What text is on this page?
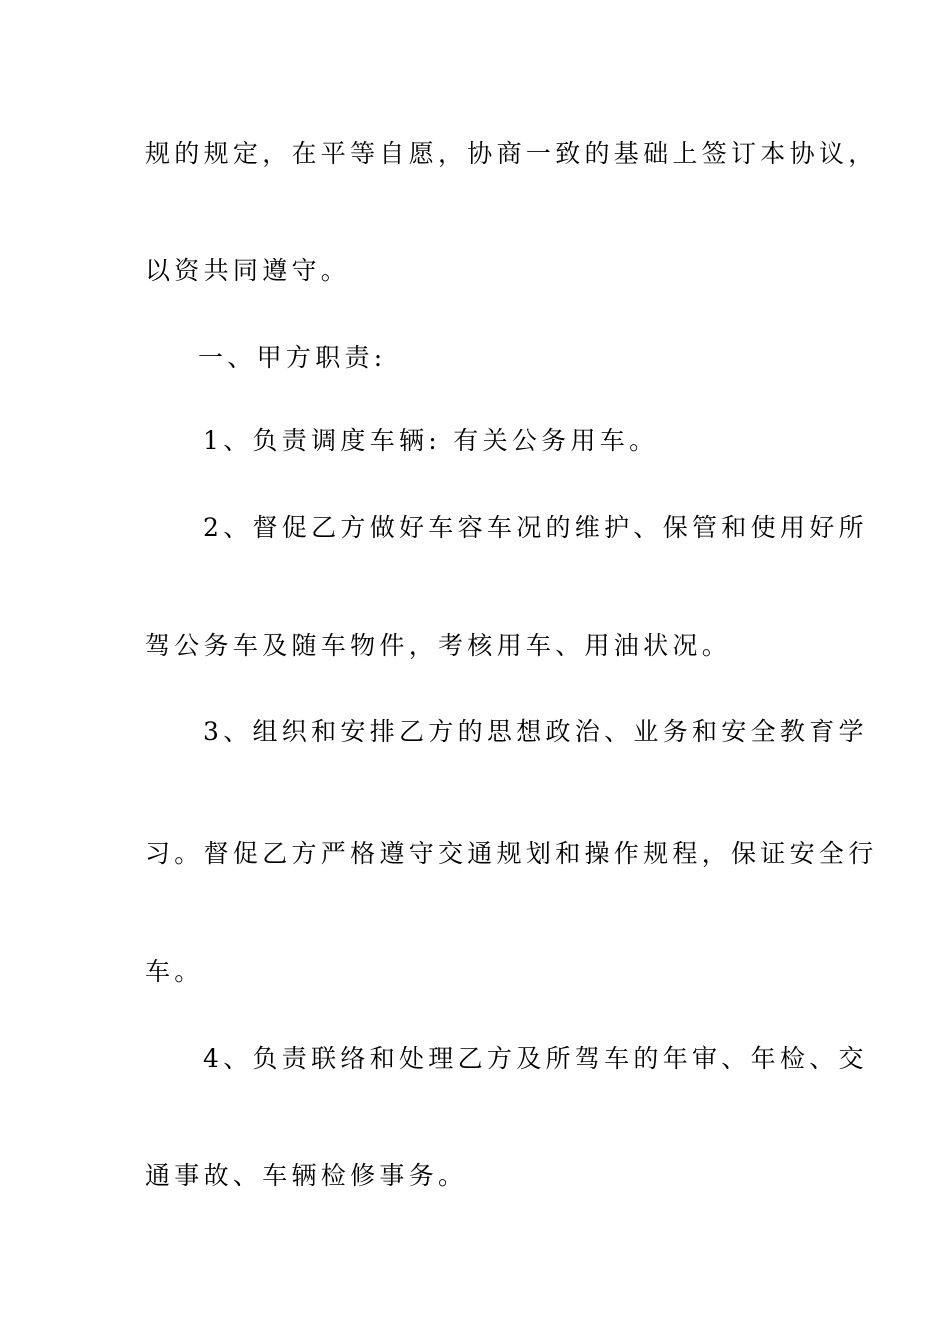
规的规定，在平等自愿，协商一致的基础上签订本协议，
以资共同遵守。
一、甲方职责:
1、负责调度车辆: 有关公务用车。
2、督促乙方做好车容车况的维护、保管和使用好所
驾公务车及随车物件，考核用车、用油状况。
3、组织和安排乙方的思想政治、业务和安全教育学
习。督促乙方严格遵守交通规划和操作规程，保证安全行
车。
4、负责联络和处理乙方及所驾车的年审、年检、交
通事故、车辆检修事务。
